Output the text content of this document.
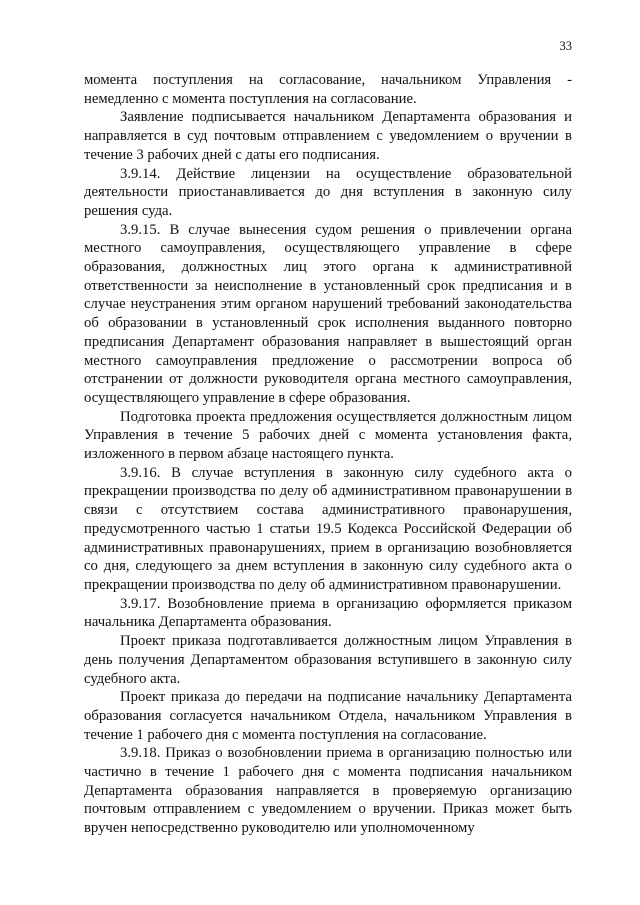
33

момента поступления на согласование, начальником Управления - немедленно с момента поступления на согласование.

Заявление подписывается начальником Департамента образования и направляется в суд почтовым отправлением с уведомлением о вручении в течение 3 рабочих дней с даты его подписания.

3.9.14. Действие лицензии на осуществление образовательной деятельности приостанавливается до дня вступления в законную силу решения суда.

3.9.15. В случае вынесения судом решения о привлечении органа местного самоуправления, осуществляющего управление в сфере образования, должностных лиц этого органа к административной ответственности за неисполнение в установленный срок предписания и в случае неустранения этим органом нарушений требований законодательства об образовании в установленный срок исполнения выданного повторно предписания Департамент образования направляет в вышестоящий орган местного самоуправления предложение о рассмотрении вопроса об отстранении от должности руководителя органа местного самоуправления, осуществляющего управление в сфере образования.

Подготовка проекта предложения осуществляется должностным лицом Управления в течение 5 рабочих дней с момента установления факта, изложенного в первом абзаце настоящего пункта.

3.9.16. В случае вступления в законную силу судебного акта о прекращении производства по делу об административном правонарушении в связи с отсутствием состава административного правонарушения, предусмотренного частью 1 статьи 19.5 Кодекса Российской Федерации об административных правонарушениях, прием в организацию возобновляется со дня, следующего за днем вступления в законную силу судебного акта о прекращении производства по делу об административном правонарушении.

3.9.17. Возобновление приема в организацию оформляется приказом начальника Департамента образования.

Проект приказа подготавливается должностным лицом Управления в день получения Департаментом образования вступившего в законную силу судебного акта.

Проект приказа до передачи на подписание начальнику Департамента образования согласуется начальником Отдела, начальником Управления в течение 1 рабочего дня с момента поступления на согласование.

3.9.18. Приказ о возобновлении приема в организацию полностью или частично в течение 1 рабочего дня с момента подписания начальником Департамента образования направляется в проверяемую организацию почтовым отправлением с уведомлением о вручении. Приказ может быть вручен непосредственно руководителю или уполномоченному
